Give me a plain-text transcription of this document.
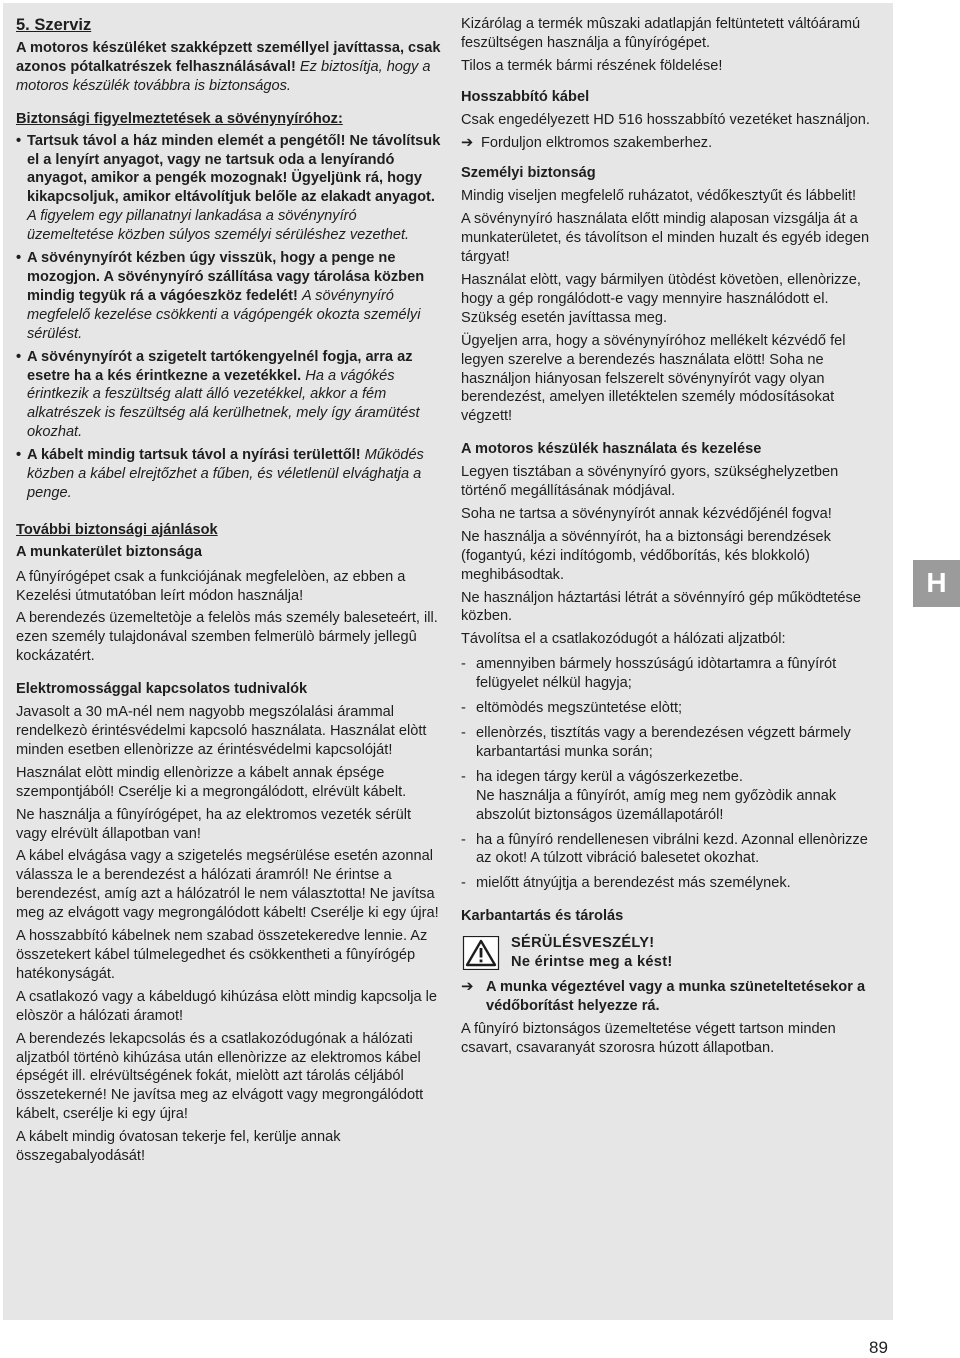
5. Szerviz

A motoros készüléket szakképzett személlyel javíttassa, csak azonos pótalkatrészek felhasználásával! Ez biztosítja, hogy a motoros készülék továbbra is biztonságos.

Biztonsági figyelmeztetések a sövénynyíróhoz:
• Tartsuk távol a ház minden elemét a pengétől! Ne távolítsuk el a lenyírt anyagot, vagy ne tartsuk oda a lenyírandó anyagot, amikor a pengék mozognak! Ügyeljünk rá, hogy kikapcsoljuk, amikor eltávolítjuk belőle az elakadt anyagot. A figyelem egy pillanatnyi lankadása a sövénynyíró üzemeltetése közben súlyos személyi sérüléshez vezethet.
• A sövénynyírót kézben úgy visszük, hogy a penge ne mozogjon. A sövénynyíró szállítása vagy tárolása közben mindig tegyük rá a vágóeszköz fedelét! A sövénynyíró megfelelő kezelése csökkenti a vágópengék okozta személyi sérülést.
• A sövénynyírót a szigetelt tartókengyelnél fogja, arra az esetre ha a kés érintkezne a vezetékkel. Ha a vágókés érintkezik a feszültség alatt álló vezetékkel, akkor a fém alkatrészek is feszültség alá kerülhetnek, mely így áramütést okozhat.
• A kábelt mindig tartsuk távol a nyírási területtől! Működés közben a kábel elrejtőzhet a fűben, és véletlenül elvághatja a penge.
További biztonsági ajánlások
A munkaterület biztonsága

A fûnyírógépet csak a funkciójának megfelelòen, az ebben a Kezelési útmutatóban leírt módon használja!

A berendezés üzemeltetòje a felelòs más személy baleseteért, ill. ezen személy tulajdonával szemben felmerülò bármely jellegû kockázatért.

Elektromossággal kapcsolatos tudnivalók

Javasolt a 30 mA-nél nem nagyobb megszólalási árammal rendelkezò érintésvédelmi kapcsoló használata. Használat elòtt minden esetben ellenòrizze az érintésvédelmi kapcsolóját!

Használat elòtt mindig ellenòrizze a kábelt annak épsége szempontjából! Cserélje ki a megrongálódott, elrévült kábelt.

Ne használja a fûnyírógépet, ha az elektromos vezeték sérült vagy elrévült állapotban van!

A kábel elvágása vagy a szigetelés megsérülése esetén azonnal válassza le a berendezést a hálózati áramról! Ne érintse a berendezést, amíg azt a hálózatról le nem választotta! Ne javítsa meg az elvágott vagy megrongálódott kábelt! Cserélje ki egy újra!

A hosszabbító kábelnek nem szabad összetekeredve lennie. Az összetekert kábel túlmelegedhet és csökkentheti a fûnyírógép hatékonyságát.

A csatlakozó vagy a kábeldugó kihúzása elòtt mindig kapcsolja le elòször a hálózati áramot!

A berendezés lekapcsolás és a csatlakozódugónak a hálózati aljzatból történò kihúzása után ellenòrizze az elektromos kábel épségét ill. elrévültségének fokát, mielòtt azt tárolás céljából összetekerné! Ne javítsa meg az elvágott vagy megrongálódott kábelt, cserélje ki egy újra!

A kábelt mindig óvatosan tekerje fel, kerülje annak összegabalyodását!

Kizárólag a termék mûszaki adatlapján feltüntetett váltóáramú feszültségen használja a fûnyírógépet.

Tilos a termék bármi részének földelése!

Hosszabbító kábel

Csak engedélyezett HD 516 hosszabbító vezetéket használjon.

➔ Forduljon elktromos szakemberhez.
Személyi biztonság

Mindig viseljen megfelelő ruházatot, védőkesztyűt és lábbelit!

A sövénynyíró használata előtt mindig alaposan vizsgálja át a munkaterületet, és távolítson el minden huzalt és egyéb idegen tárgyat!

Használat elòtt, vagy bármilyen ütòdést követòen, ellenòrizze, hogy a gép rongálódott-e vagy mennyire használódott el. Szükség esetén javíttassa meg.

Ügyeljen arra, hogy a sövénynyíróhoz mellékelt kézvédő fel legyen szerelve a berendezés használata elött! Soha ne használjon hiányosan felszerelt sövénynyírót vagy olyan berendezést, amelyen illetéktelen személy módosításokat végzett!

A motoros készülék használata és kezelése

Legyen tisztában a sövénynyíró gyors, szükséghelyzetben történő megállításának módjával.

Soha ne tartsa a sövénynyírót annak kézvédőjénél fogva!

Ne használja a sövénnyírót, ha a biztonsági berendzések (fogantyú, kézi indítógomb, védőborítás, kés blokkoló) meghibásodtak.

Ne használjon háztartási létrát a sövénnyíró gép működtetése közben.

Távolítsa el a csatlakozódugót a hálózati aljzatból:

- amennyiben bármely hosszúságú idòtartamra a fûnyírót felügyelet nélkül hagyja;
- eltömòdés megszüntetése elòtt;
- ellenòrzés, tisztítás vagy a berendezésen végzett bármely karbantartási munka során;
- ha idegen tárgy kerül a vágószerkezetbe.
Ne használja a fûnyírót, amíg meg nem győzòdik annak abszolút biztonságos üzemállapotáról!
- ha a fûnyíró rendellenesen vibrálni kezd. Azonnal ellenòrizze az okot! A túlzott vibráció balesetet okozhat.
- mielőtt átnyújtja a berendezést más személynek.
Karbantartás és tárolás
SÉRÜLÉSVESZÉLY!
Ne érintse meg a kést!
➔ A munka végeztével vagy a munka szüneteltetésekor a védőborítást helyezze rá.

A fûnyíró biztonságos üzemeltetése végett tartson minden csavart, csavaranyát szorosra húzott állapotban.

H
89
